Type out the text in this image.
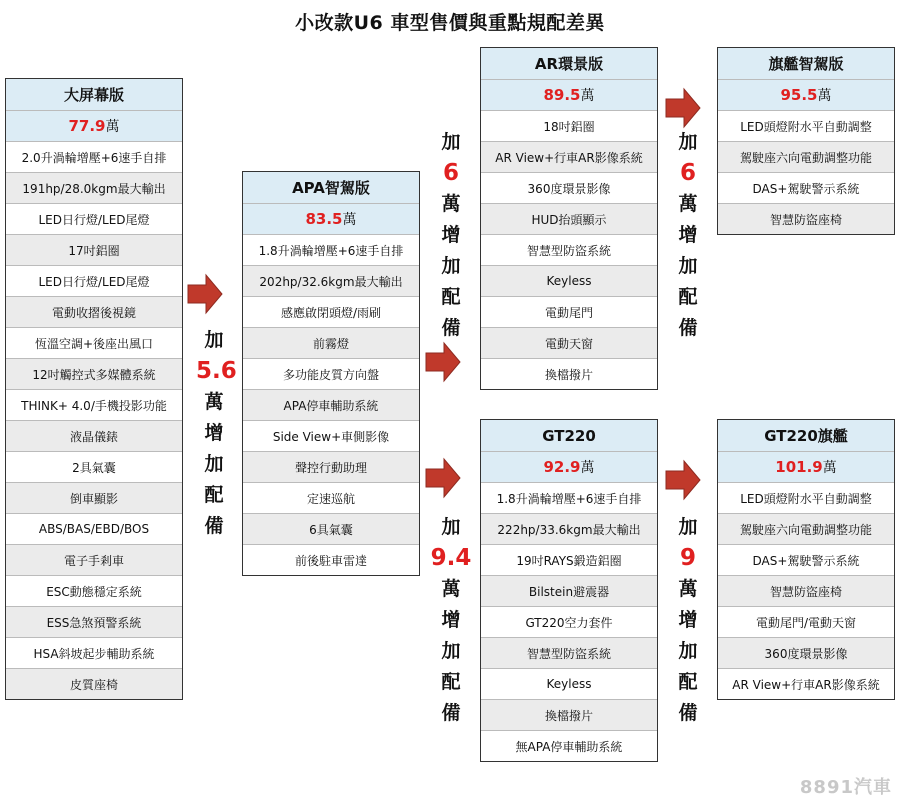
小改款U6 車型售價與重點規配差異
大屏幕版
77.9 萬
2.0升渦輪增壓+6速手自排
191hp/28.0kgm最大輸出
LED日行燈/LED尾燈
17吋鋁圈
LED日行燈/LED尾燈
電動收摺後視鏡
恆溫空調+後座出風口
12吋觸控式多媒體系統
THINK+ 4.0/手機投影功能
液晶儀錶
2具氣囊
倒車顯影
ABS/BAS/EBD/BOS
電子手剎車
ESC動態穩定系統
ESS急煞預警系統
HSA斜坡起步輔助系統
皮質座椅
APA智駕版
83.5 萬
1.8升渦輪增壓+6速手自排
202hp/32.6kgm最大輸出
感應啟閉頭燈/雨刷
前霧燈
多功能皮質方向盤
APA停車輔助系統
Side View+車側影像
聲控行動助理
定速巡航
6具氣囊
前後駐車雷達
AR環景版
89.5 萬
18吋鋁圈
AR View+行車AR影像系統
360度環景影像
HUD抬頭顯示
智慧型防盜系統
Keyless
電動尾門
電動天窗
換檔撥片
旗艦智駕版
95.5 萬
LED頭燈附水平自動調整
駕駛座六向電動調整功能
DAS+駕駛警示系統
智慧防盜座椅
GT220
92.9 萬
1.8升渦輪增壓+6速手自排
222hp/33.6kgm最大輸出
19吋RAYS鍛造鋁圈
Bilstein避震器
GT220空力套件
智慧型防盜系統
Keyless
換檔撥片
無APA停車輔助系統
GT220旗艦
101.9 萬
LED頭燈附水平自動調整
駕駛座六向電動調整功能
DAS+駕駛警示系統
智慧防盜座椅
電動尾門/電動天窗
360度環景影像
AR View+行車AR影像系統
加
5.6
萬
增
加
配
備
加
6
萬
增
加
配
備
加
6
萬
增
加
配
備
加
9.4
萬
增
加
配
備
加
9
萬
增
加
配
備
8891汽車
